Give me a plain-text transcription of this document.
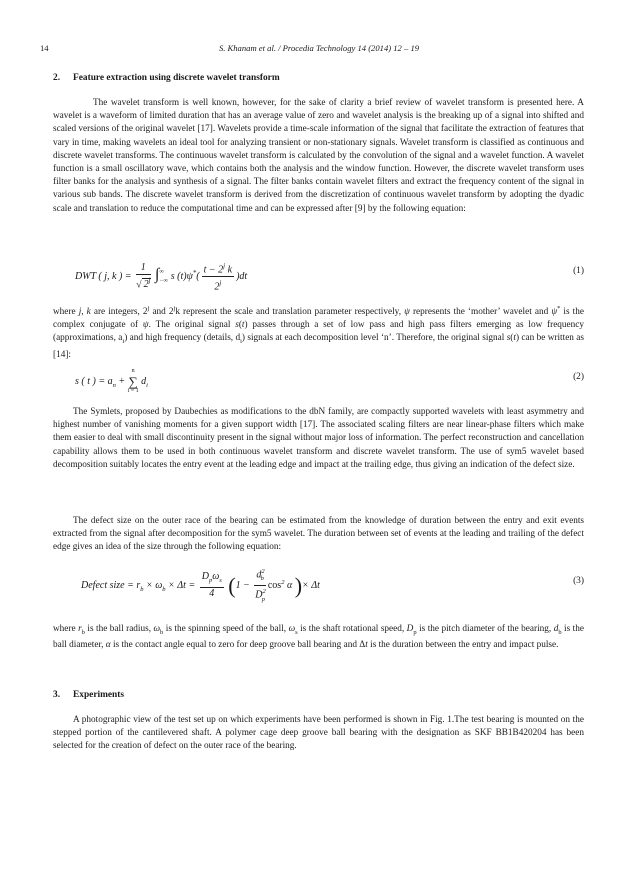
14	S. Khanam et al. / Procedia Technology 14 (2014) 12 – 19

2. Feature extraction using discrete wavelet transform

The wavelet transform is well known, however, for the sake of clarity a brief review of wavelet transform is presented here. A wavelet is a waveform of limited duration that has an average value of zero and wavelet analysis is the breaking up of a signal into shifted and scaled versions of the original wavelet [17]. Wavelets provide a time-scale information of the signal that facilitate the extraction of features that vary in time, making wavelets an ideal tool for analyzing transient or non-stationary signals. Wavelet transform is classified as continuous and discrete wavelet transforms. The continuous wavelet transform is calculated by the convolution of the signal and a wavelet function. A wavelet function is a small oscillatory wave, which contains both the analysis and the window function. However, the discrete wavelet transform uses filter banks for the analysis and synthesis of a signal. The filter banks contain wavelet filters and extract the frequency content of the signal in various sub bands. The discrete wavelet transform is derived from the discretization of continuous wavelet transform by adopting the dyadic scale and translation to reduce the computational time and can be expressed after [9] by the following equation:

DWT ( j, k ) = $\frac{1}{√ 2^j}$ ∫ ∞
−∞ s $(t)\psi^*( \frac{t - 2^j k}{2^j} )dt$
(1)

where j, k are integers, 2$^j$ and 2$^j$k represent the scale and translation parameter respectively, ψ represents the ‘mother’ wavelet and ψ* is the complex conjugate of ψ. The original signal s(t) passes through a set of low pass and high pass filters emerging as low frequency (approximations, $a_i$) and high frequency (details, $d_i$) signals at each decomposition level ‘n’. Therefore, the original signal s(t) can be written as [14]:

s ( t ) = $a_n$ +
n
∑
i = 1
$d_i$
(2)

The Symlets, proposed by Daubechies as modifications to the dbN family, are compactly supported wavelets with least asymmetry and highest number of vanishing moments for a given support width [17]. The associated scaling filters are near linear-phase filters which make them easier to deal with small discontinuity present in the signal without major loss of information. The perfect reconstruction and cancellation capability allows them to be used in both continuous wavelet transform and discrete wavelet transform. The use of sym5 wavelet based decomposition suitably locates the entry event at the leading edge and impact at the trailing edge, thus giving an indication of the defect size.

The defect size on the outer race of the bearing can be estimated from the knowledge of duration between the entry and exit events extracted from the signal after decomposition for the sym5 wavelet. The duration between set of events at the leading and trailing of the defect edge gives an idea of the size through the following equation:

Defect size = $r_b \times \omega_b \times \Delta t$ =
$D_p\omega_s$
4 ($1 - \frac{d^2_b}{D^2_p} \cos^2 \alpha$ )× Δt	(3)

where $r_b$ is the ball radius, $\omega_b$ is the spinning speed of the ball, $\omega_s$ is the shaft rotational speed, $D_p$ is the pitch diameter of the bearing, $d_b$ is the ball diameter, α is the contact angle equal to zero for deep groove ball bearing and Δt is the duration between the entry and impact pulse.

3. Experiments

A photographic view of the test set up on which experiments have been performed is shown in Fig. 1.The test bearing is mounted on the stepped portion of the cantilevered shaft. A polymer cage deep groove ball bearing with the designation as SKF BB1B420204 has been selected for the creation of defect on the outer race of the bearing.
